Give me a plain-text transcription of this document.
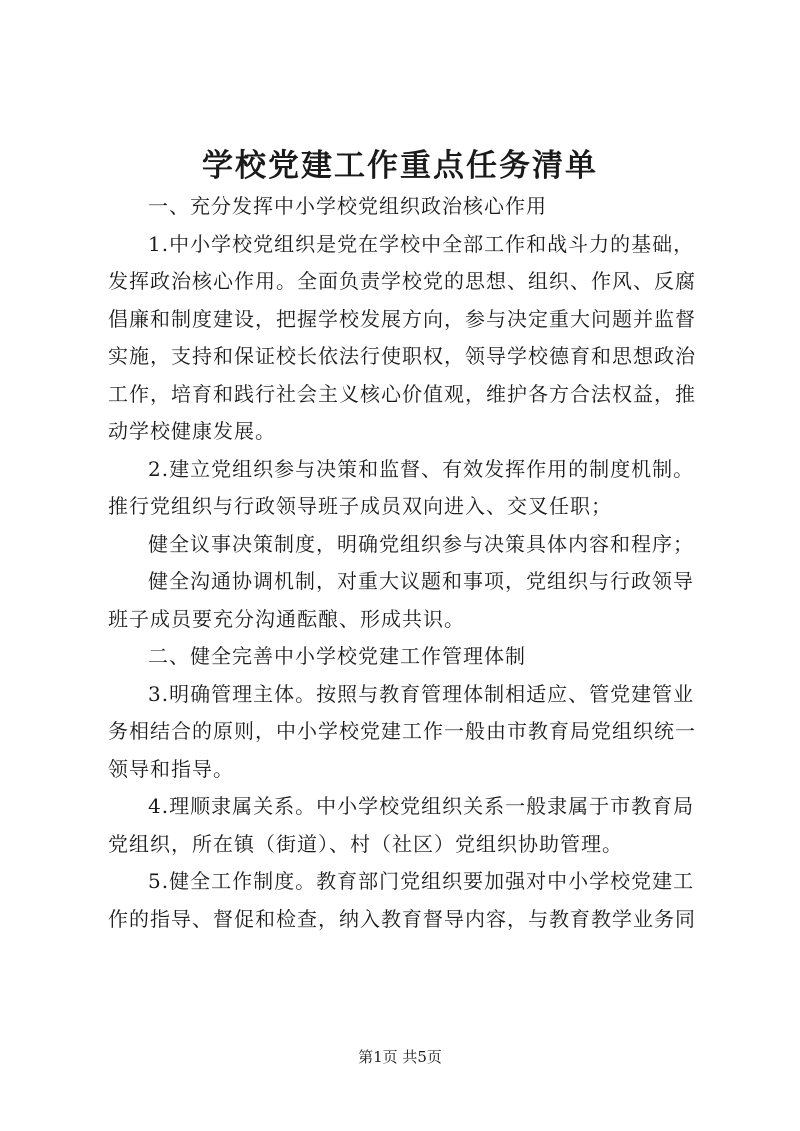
学校党建工作重点任务清单

一、充分发挥中小学校党组织政治核心作用

1.中小学校党组织是党在学校中全部工作和战斗力的基础，发挥政治核心作用。全面负责学校党的思想、组织、作风、反腐倡廉和制度建设，把握学校发展方向，参与决定重大问题并监督实施，支持和保证校长依法行使职权，领导学校德育和思想政治工作，培育和践行社会主义核心价值观，维护各方合法权益，推动学校健康发展。

2.建立党组织参与决策和监督、有效发挥作用的制度机制。推行党组织与行政领导班子成员双向进入、交叉任职；

健全议事决策制度，明确党组织参与决策具体内容和程序；

健全沟通协调机制，对重大议题和事项，党组织与行政领导班子成员要充分沟通酝酿、形成共识。

二、健全完善中小学校党建工作管理体制

3.明确管理主体。按照与教育管理体制相适应、管党建管业务相结合的原则，中小学校党建工作一般由市教育局党组织统一领导和指导。

4.理顺隶属关系。中小学校党组织关系一般隶属于市教育局党组织，所在镇（街道）、村（社区）党组织协助管理。

5.健全工作制度。教育部门党组织要加强对中小学校党建工作的指导、督促和检查，纳入教育督导内容，与教育教学业务同

第1页 共5页
